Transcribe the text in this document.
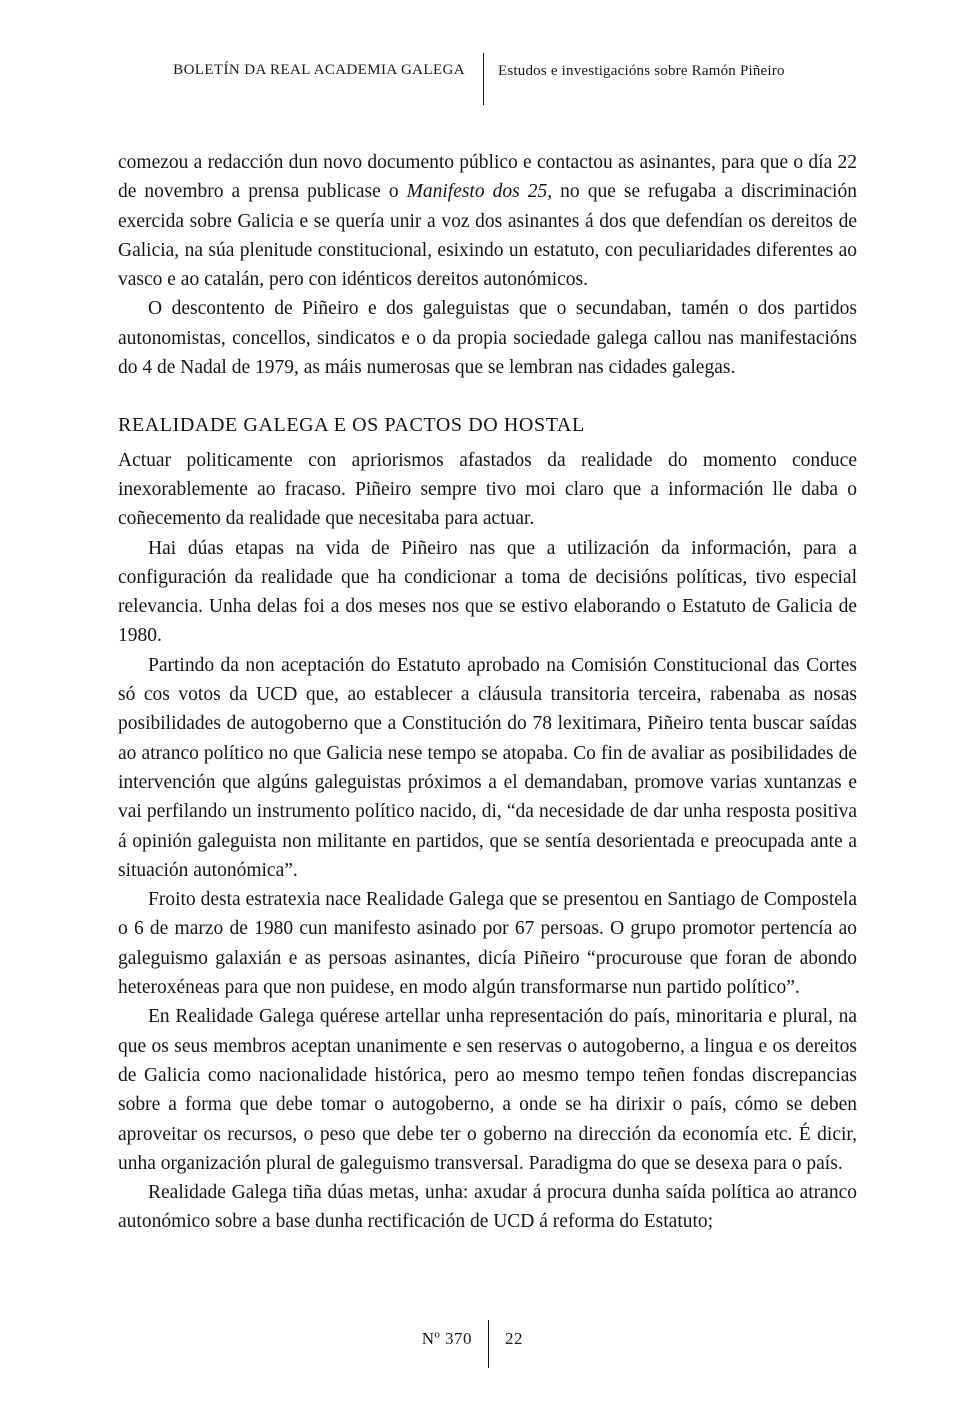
BOLETÍN DA REAL ACADEMIA GALEGA Estudos e investigacións sobre Ramón Piñeiro

comezou a redacción dun novo documento público e contactou as asinantes, para que o día 22 de novembro a prensa publicase o Manifesto dos 25, no que se refugaba a discriminación exercida sobre Galicia e se quería unir a voz dos asinantes á dos que defendían os dereitos de Galicia, na súa plenitude constitucional, esixindo un estatuto, con peculiaridades diferentes ao vasco e ao catalán, pero con idénticos dereitos autonómicos.

O descontento de Piñeiro e dos galeguistas que o secundaban, tamén o dos partidos autonomistas, concellos, sindicatos e o da propia sociedade galega callou nas manifestacións do 4 de Nadal de 1979, as máis numerosas que se lembran nas cidades galegas.

REALIDADE GALEGA E OS PACTOS DO HOSTAL

Actuar politicamente con apriorismos afastados da realidade do momento conduce inexorablemente ao fracaso. Piñeiro sempre tivo moi claro que a información lle daba o coñecemento da realidade que necesitaba para actuar.

Hai dúas etapas na vida de Piñeiro nas que a utilización da información, para a configuración da realidade que ha condicionar a toma de decisións políticas, tivo especial relevancia. Unha delas foi a dos meses nos que se estivo elaborando o Estatuto de Galicia de 1980.

Partindo da non aceptación do Estatuto aprobado na Comisión Constitucional das Cortes só cos votos da UCD que, ao establecer a cláusula transitoria terceira, rabenaba as nosas posibilidades de autogoberno que a Constitución do 78 lexitimara, Piñeiro tenta buscar saídas ao atranco político no que Galicia nese tempo se atopaba. Co fin de avaliar as posibilidades de intervención que algúns galeguistas próximos a el demandaban, promove varias xuntanzas e vai perfilando un instrumento político nacido, di, “da necesidade de dar unha resposta positiva á opinión galeguista non militante en partidos, que se sentía desorientada e preocupada ante a situación autonómica”.

Froito desta estratexia nace Realidade Galega que se presentou en Santiago de Compostela o 6 de marzo de 1980 cun manifesto asinado por 67 persoas. O grupo promotor pertencía ao galeguismo galaxián e as persoas asinantes, dicía Piñeiro “procurouse que foran de abondo heteroxéneas para que non puidese, en modo algún transformarse nun partido político”.

En Realidade Galega quérese artellar unha representación do país, minoritaria e plural, na que os seus membros aceptan unanimente e sen reservas o autogoberno, a lingua e os dereitos de Galicia como nacionalidade histórica, pero ao mesmo tempo teñen fondas discrepancias sobre a forma que debe tomar o autogoberno, a onde se ha dirixir o país, cómo se deben aproveitar os recursos, o peso que debe ter o goberno na dirección da economía etc. É dicir, unha organización plural de galeguismo transversal. Paradigma do que se desexa para o país.

Realidade Galega tiña dúas metas, unha: axudar á procura dunha saída política ao atranco autonómico sobre a base dunha rectificación de UCD á reforma do Estatuto;

Nº 370 22
